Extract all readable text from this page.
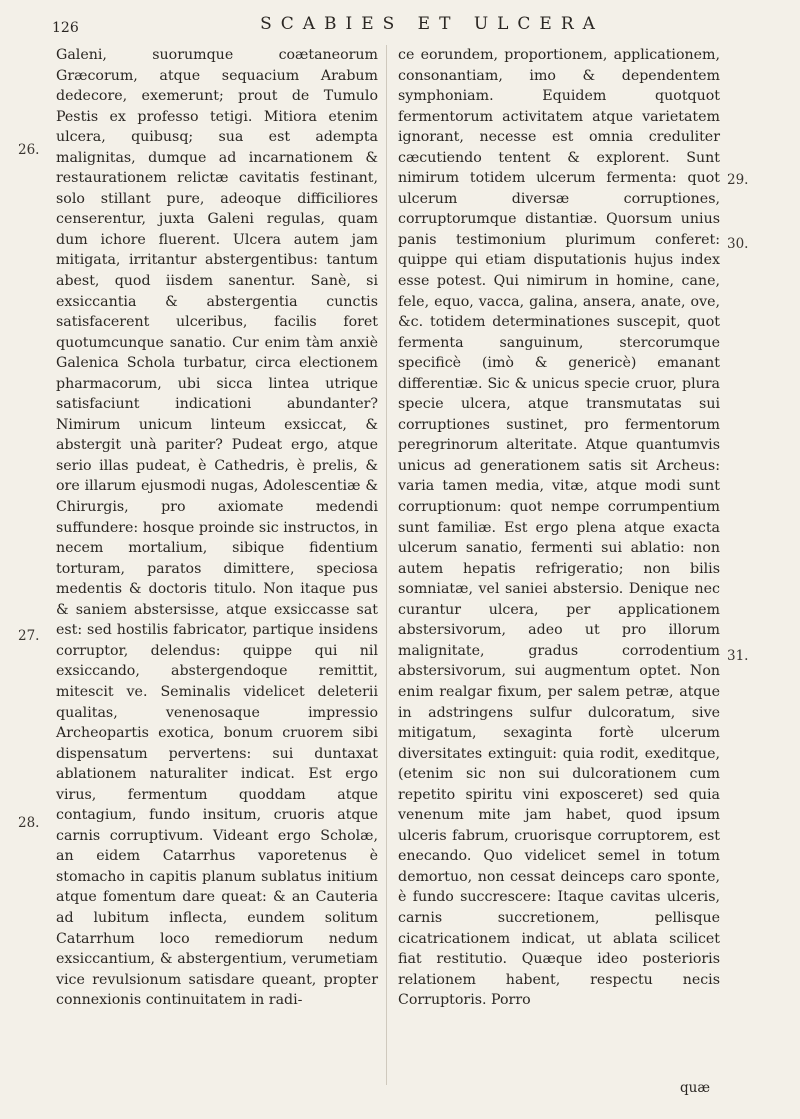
126	SCABIES ET ULCERA

Galeni, suorumque coætaneorum Græcorum, atque sequacium Arabum dedecore, exemerunt; prout de Tumulo Pestis ex professo tetigi. Mitiora etenim ulcera, quibusq; sua est adempta malignitas, dumque ad incarnationem & restaurationem relictæ cavitatis festinant, solo stillant pure, adeoque difficiliores censerentur, juxta Galeni regulas, quam dum ichore fluerent. Ulcera autem jam mitigata, irritantur abstergentibus: tantum abest, quod iisdem sanentur. Sanè, si exsiccantia & abstergentia cunctis satisfacerent ulceribus, facilis foret quotumcunque sanatio. Cur enim tàm anxiè Galenica Schola turbatur, circa electionem pharmacorum, ubi sicca lintea utrique satisfaciunt indicationi abundanter? Nimirum unicum linteum exsiccat, & abstergit unà pariter? Pudeat ergo, atque serio illas pudeat, è Cathedris, è prelis, & ore illarum ejusmodi nugas, Adolescentiæ & Chirurgis, pro axiomate medendi suffundere: hosque proinde sic instructos, in necem mortalium, sibique fidentium torturam, paratos dimittere, speciosa medentis & doctoris titulo. Non itaque pus & saniem abstersisse, atque exsiccasse sat est: sed hostilis fabricator, partique insidens corruptor, delendus: quippe qui nil exsiccando, abstergendoque remittit, mitescit ve. Seminalis videlicet deleterii qualitas, venenosaque impressio Archeopartis exotica, bonum cruorem sibi dispensatum pervertens: sui duntaxat ablationem naturaliter indicat. Est ergo virus, fermentum quoddam atque contagium, fundo insitum, cruoris atque carnis corruptivum. Videant ergo Scholæ, an eidem Catarrhus vaporetenus è stomacho in capitis planum sublatus initium atque fomentum dare queat: & an Cauteria ad lubitum inflecta, eundem solitum Catarrhum loco remediorum nedum exsiccantium, & abstergentium, verumetiam vice revulsionum satisdare queant, propter connexionis continuitatem in radi-

ce eorundem, proportionem, applicationem, consonantiam, imo & dependentem symphoniam. Equidem quotquot fermentorum activitatem atque varietatem ignorant, necesse est omnia creduliter cæcutiendo tentent & explorent. Sunt nimirum totidem ulcerum fermenta: quot ulcerum diversæ corruptiones, corruptorumque distantiæ. Quorsum unius panis testimonium plurimum conferet: quippe qui etiam disputationis hujus index esse potest. Qui nimirum in homine, cane, fele, equo, vacca, galina, ansera, anate, ove, &c. totidem determinationes suscepit, quot fermenta sanguinum, stercorumque specificè (imò & genericè) emanant differentiæ. Sic & unicus specie cruor, plura specie ulcera, atque transmutatas sui corruptiones sustinet, pro fermentorum peregrinorum alteritate. Atque quantumvis unicus ad generationem satis sit Archeus: varia tamen media, vitæ, atque modi sunt corruptionum: quot nempe corrumpentium sunt familiæ. Est ergo plena atque exacta ulcerum sanatio, fermenti sui ablatio: non autem hepatis refrigeratio; non bilis somniatæ, vel saniei abstersio. Denique nec curantur ulcera, per applicationem abstersivorum, adeo ut pro illorum malignitate, gradus corrodentium abstersivorum, sui augmentum optet. Non enim realgar fixum, per salem petræ, atque in adstringens sulfur dulcoratum, sive mitigatum, sexaginta fortè ulcerum diversitates extinguit: quia rodit, exeditque, (etenim sic non sui dulcorationem cum repetito spiritu vini exposceret) sed quia venenum mite jam habet, quod ipsum ulceris fabrum, cruorisque corruptorem, est enecando. Quo videlicet semel in totum demortuo, non cessat deinceps caro sponte, è fundo succrescere: Itaque cavitas ulceris, carnis succretionem, pellisque cicatricationem indicat, ut ablata scilicet fiat restitutio. Quæque ideo posterioris relationem habent, respectu necis Corruptoris. Porro

26.
27.
28.
29.
30.
31.
quæ
